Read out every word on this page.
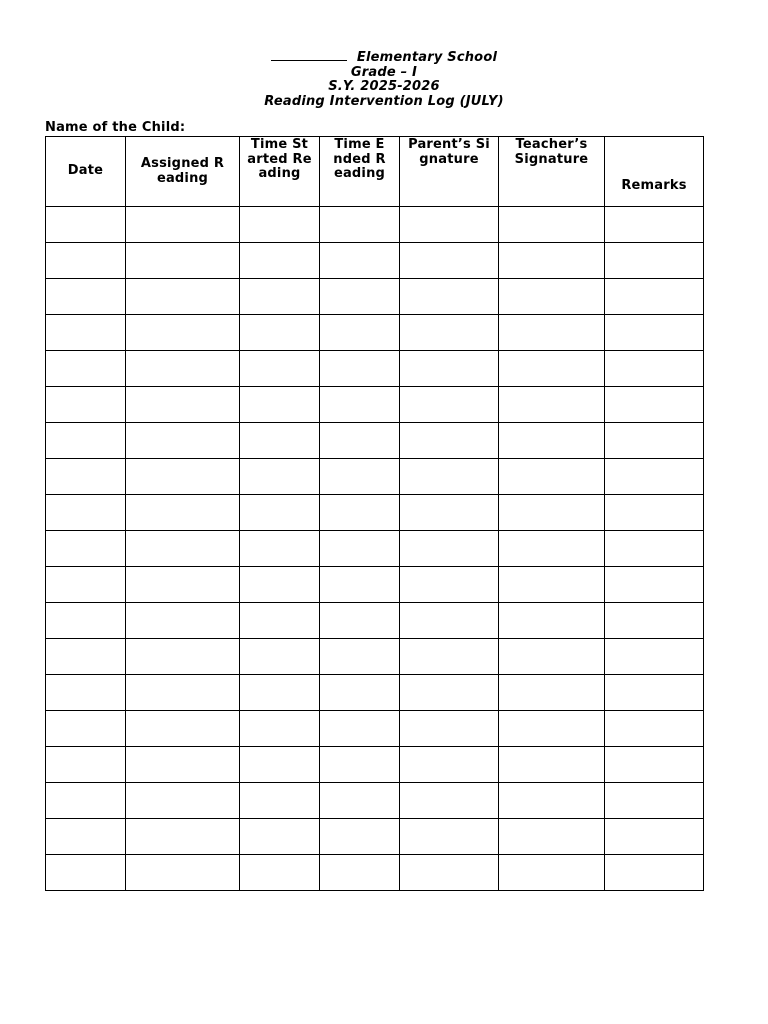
Elementary School
Grade – I
S.Y. 2025-2026
Reading Intervention Log (JULY)
Name of the Child:
Date	Assigned Reading	Time Started Reading	Time Ended Reading	Parent’s Signature	Teacher’s Signature	Remarks
